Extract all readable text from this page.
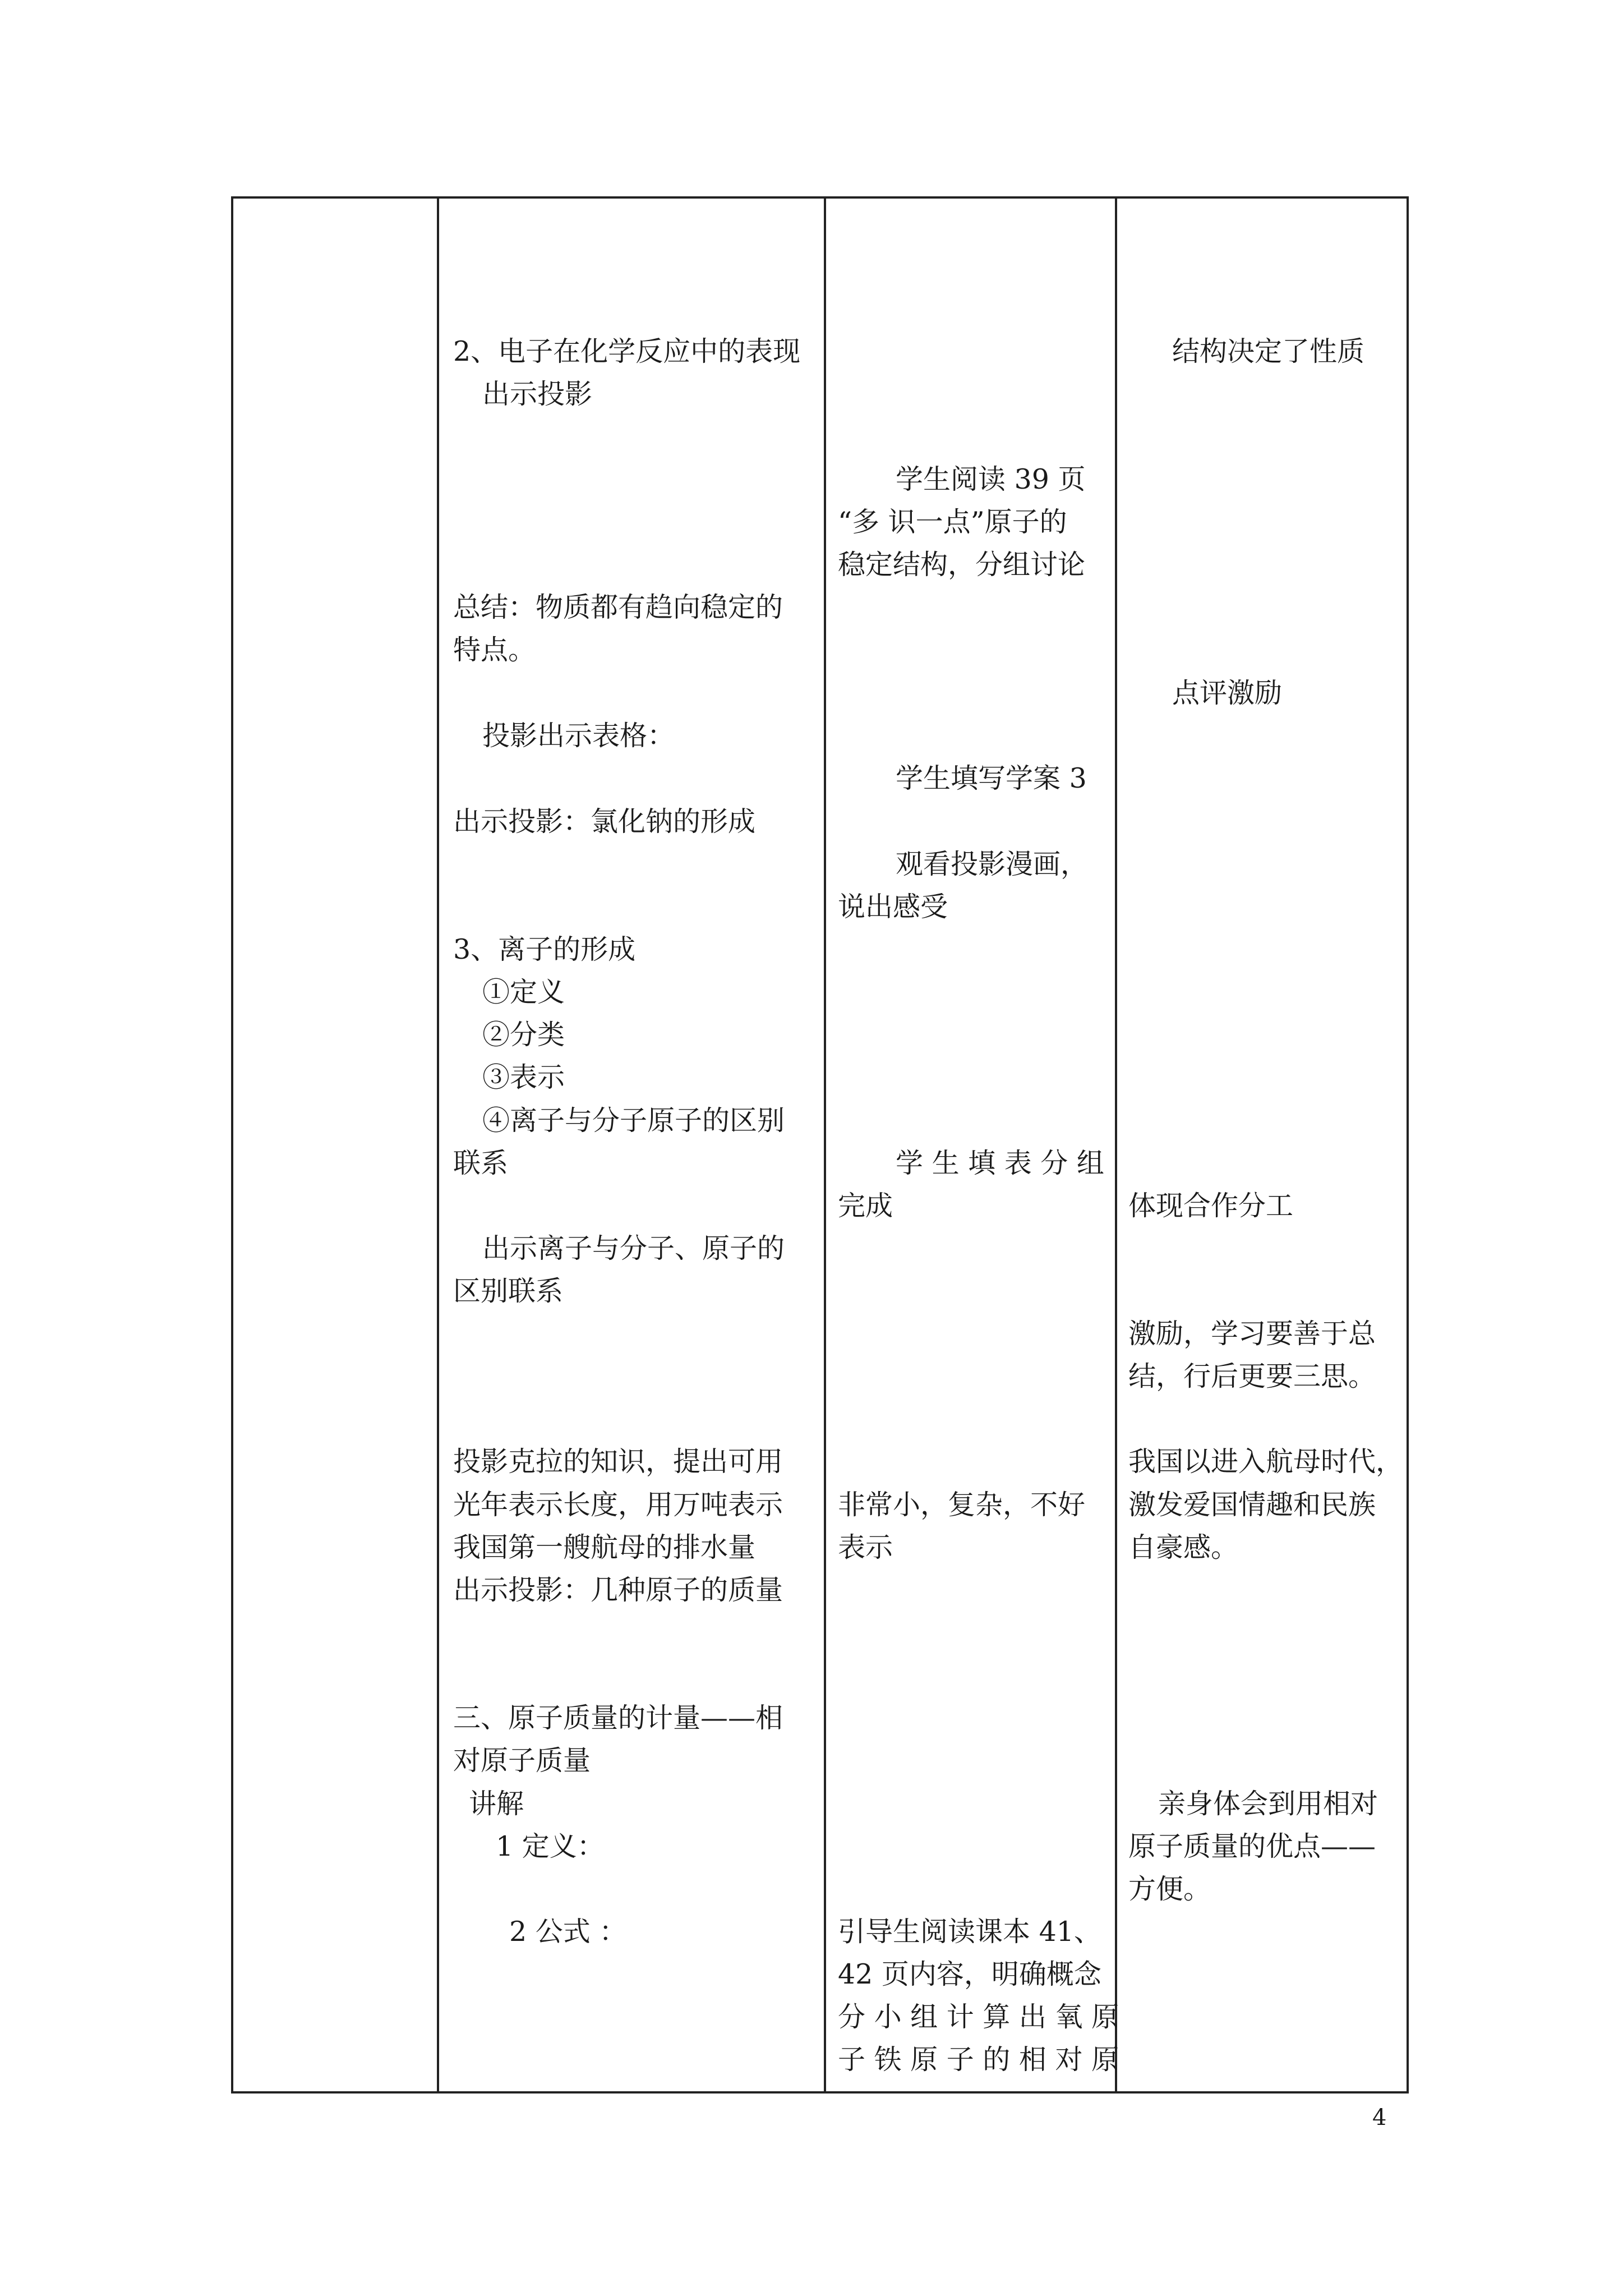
2、电子在化学反应中的表现
出示投影
总结：物质都有趋向稳定的
特点。
投影出示表格：
出示投影：氯化钠的形成
3、离子的形成
①定义
②分类
③表示
④离子与分子原子的区别
联系
出示离子与分子、原子的
区别联系
投影克拉的知识，提出可用
光年表示长度，用万吨表示
我国第一艘航母的排水量
出示投影：几种原子的质量
三、原子质量的计量——相
对原子质量
讲解
1 定义：
2 公式 ：
学生阅读 39 页
“多 识一点”原子的
稳定结构，分组讨论
学生填写学案 3
观看投影漫画，
说出感受
学 生 填 表 分 组
完成
非常小，复杂，不好
表示
引导生阅读课本 41、
42 页内容，明确概念
分 小 组 计 算 出 氧 原
子 铁 原 子 的 相 对 原
结构决定了性质
点评激励
体现合作分工
激励，学习要善于总
结，行后更要三思。
我国以进入航母时代，
激发爱国情趣和民族
自豪感。
亲身体会到用相对
原子质量的优点——
方便。
4
